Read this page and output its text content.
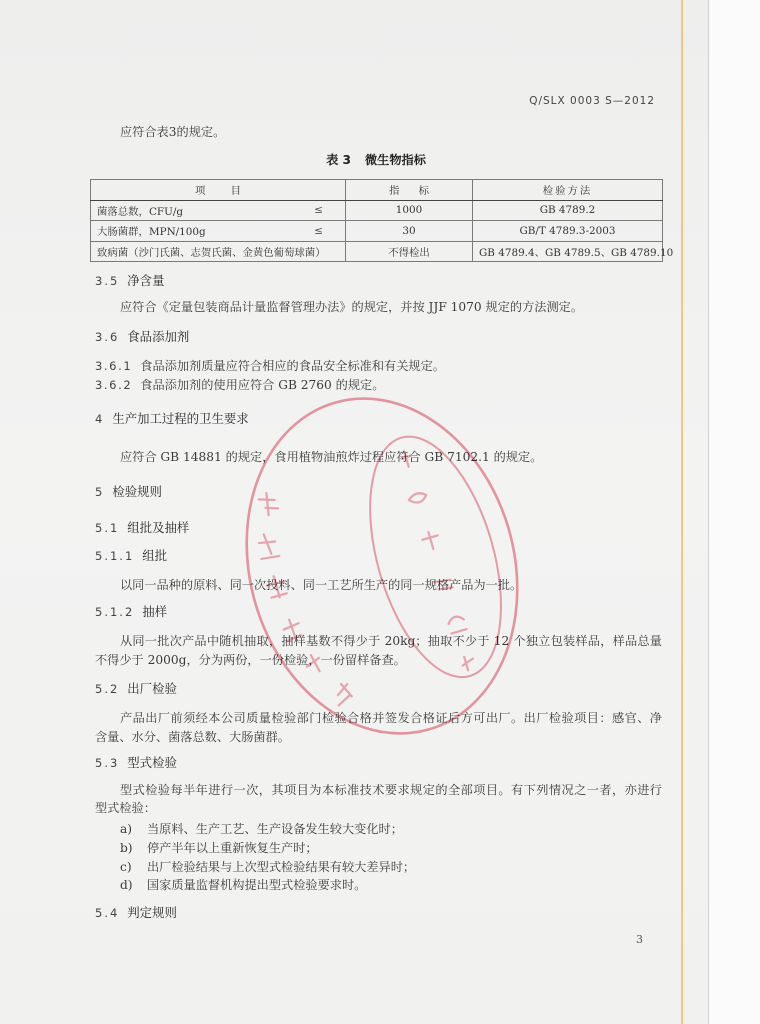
Q/SLX 0003 S—2012
应符合表3的规定。
表 3 微生物指标
项 目	指 标	检验方法

菌落总数，CFU/g ≤	1000	GB 4789.2

大肠菌群，MPN/100g ≤	30	GB/T 4789.3-2003
致病菌（沙门氏菌、志贺氏菌、金黄色葡萄球菌）	不得检出	GB 4789.4、GB 4789.5、GB 4789.10
3.5 净含量
应符合《定量包装商品计量监督管理办法》的规定，并按 JJF 1070 规定的方法测定。
3.6 食品添加剂
3.6.1 食品添加剂质量应符合相应的食品安全标准和有关规定。
3.6.2 食品添加剂的使用应符合 GB 2760 的规定。
4 生产加工过程的卫生要求
应符合 GB 14881 的规定，食用植物油煎炸过程应符合 GB 7102.1 的规定。
5 检验规则
5.1 组批及抽样
5.1.1 组批
以同一品种的原料、同一次投料、同一工艺所生产的同一规格产品为一批。
5.1.2 抽样
从同一批次产品中随机抽取，抽样基数不得少于 20kg；抽取不少于 12 个独立包装样品，样品总量
不得少于 2000g，分为两份，一份检验，一份留样备查。
5.2 出厂检验
产品出厂前须经本公司质量检验部门检验合格并签发合格证后方可出厂。出厂检验项目：感官、净
含量、水分、菌落总数、大肠菌群。
5.3 型式检验
型式检验每半年进行一次，其项目为本标准技术要求规定的全部项目。有下列情况之一者，亦进行
型式检验：
a) 当原料、生产工艺、生产设备发生较大变化时；
b) 停产半年以上重新恢复生产时；
c) 出厂检验结果与上次型式检验结果有较大差异时；
d) 国家质量监督机构提出型式检验要求时。
5.4 判定规则
3
